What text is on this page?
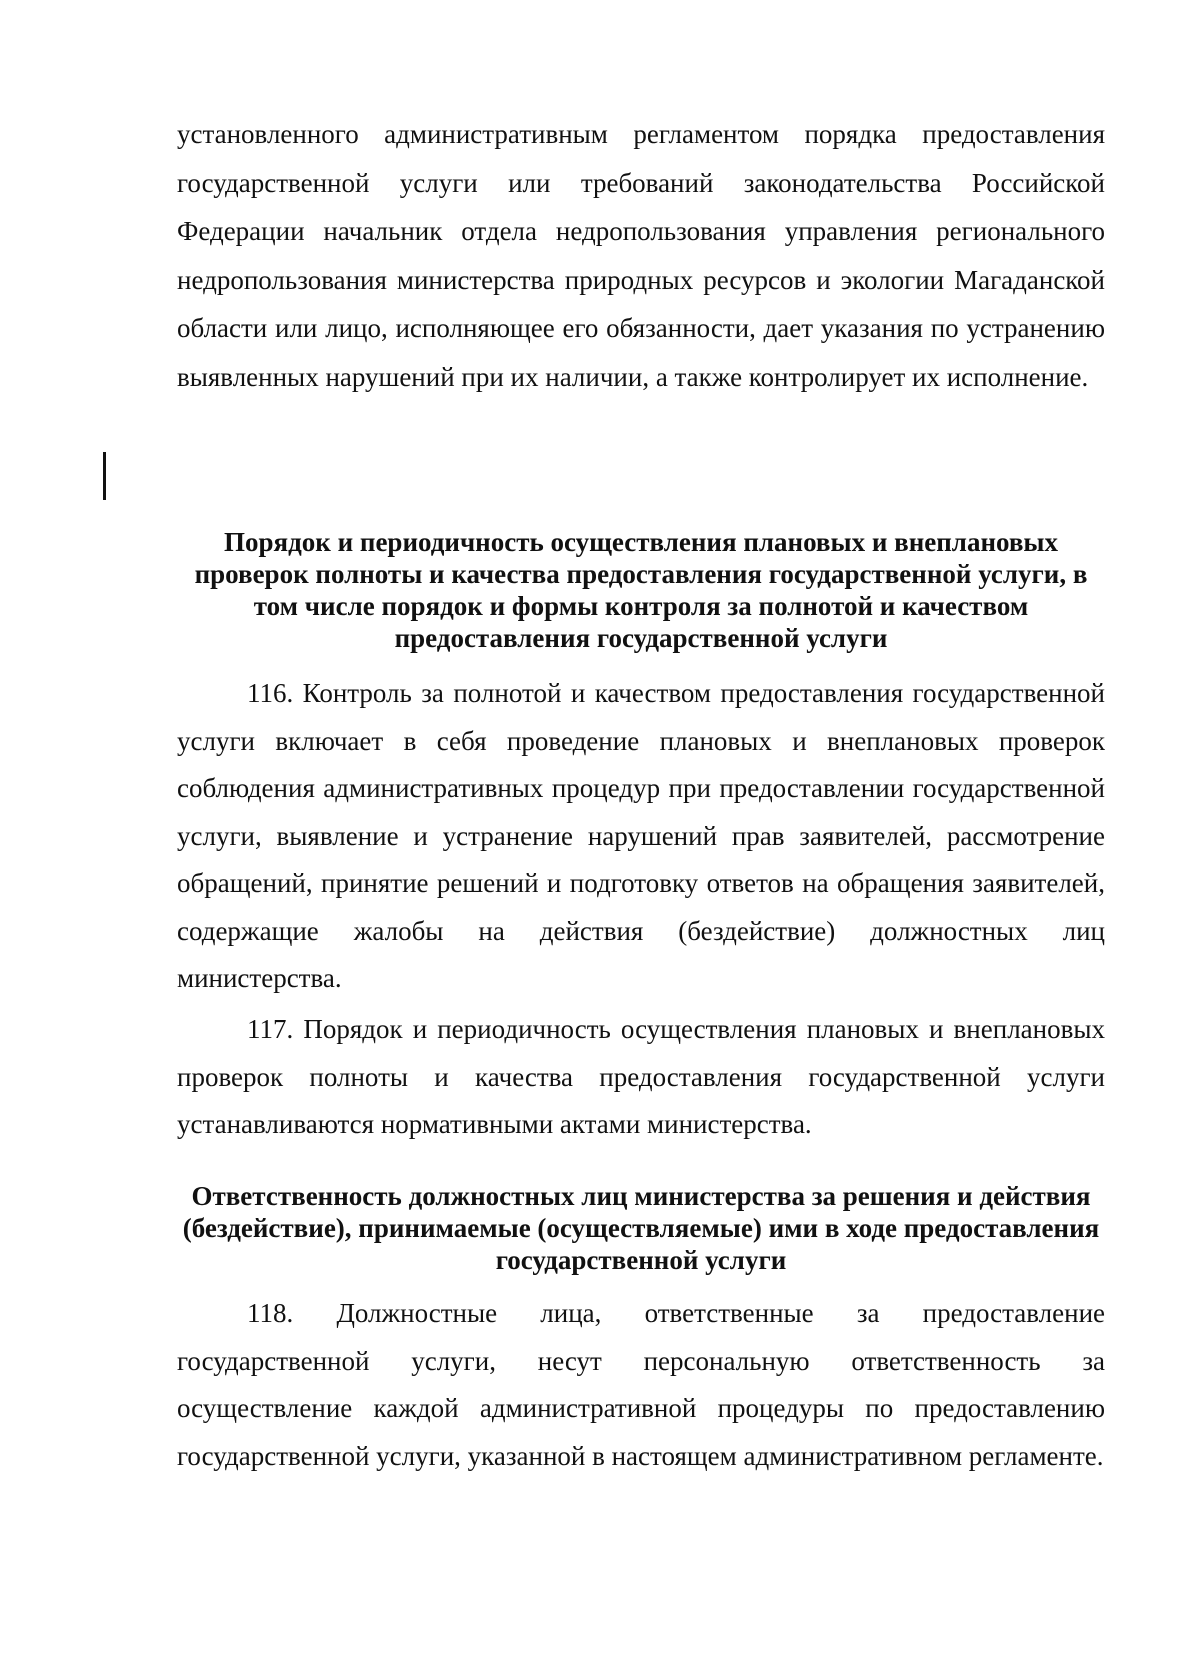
установленного административным регламентом порядка предоставления государственной услуги или требований законодательства Российской Федерации начальник отдела недропользования управления регионального недропользования министерства природных ресурсов и экологии Магаданской области или лицо, исполняющее его обязанности, дает указания по устранению выявленных нарушений при их наличии, а также контролирует их исполнение.
Порядок и периодичность осуществления плановых и внеплановых проверок полноты и качества предоставления государственной услуги, в том числе порядок и формы контроля за полнотой и качеством предоставления государственной услуги
116. Контроль за полнотой и качеством предоставления государственной услуги включает в себя проведение плановых и внеплановых проверок соблюдения административных процедур при предоставлении государственной услуги, выявление и устранение нарушений прав заявителей, рассмотрение обращений, принятие решений и подготовку ответов на обращения заявителей, содержащие жалобы на действия (бездействие) должностных лиц министерства.
117. Порядок и периодичность осуществления плановых и внеплановых проверок полноты и качества предоставления государственной услуги устанавливаются нормативными актами министерства.
Ответственность должностных лиц министерства за решения и действия (бездействие), принимаемые (осуществляемые) ими в ходе предоставления государственной услуги
118. Должностные лица, ответственные за предоставление государственной услуги, несут персональную ответственность за осуществление каждой административной процедуры по предоставлению государственной услуги, указанной в настоящем административном регламенте.
